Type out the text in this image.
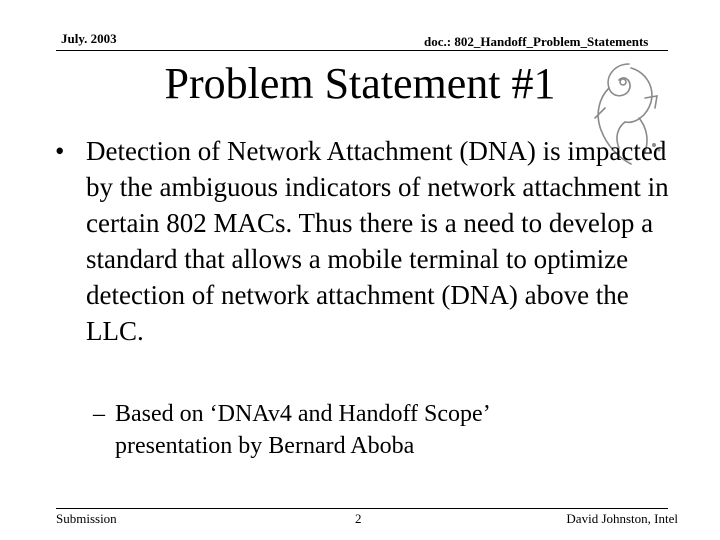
July. 2003	doc.: 802_Handoff_Problem_Statements
Problem Statement #1
• Detection of Network Attachment (DNA) is impacted by the ambiguous indicators of network attachment in certain 802 MACs. Thus there is a need to develop a standard that allows a mobile terminal to optimize detection of network attachment (DNA) above the LLC.
– Based on ‘DNAv4 and Handoff Scope’ presentation by Bernard Aboba
Submission	2	David Johnston, Intel
